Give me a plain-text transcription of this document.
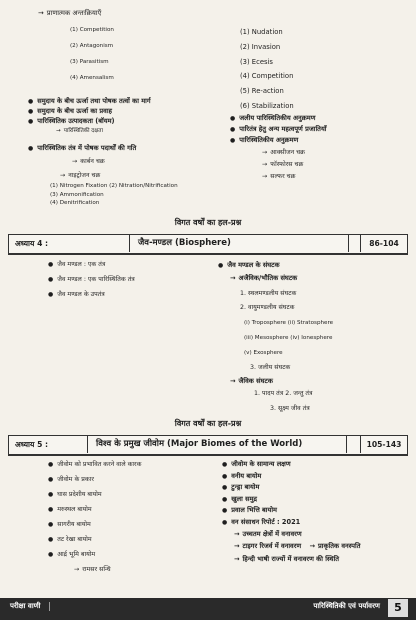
→ प्राणात्मक अन्तःक्रियाएँ
(1) Competition
(2) Antagonism
(3) Parasitism
(4) Amensalism
● समुदाय के बीच ऊर्जा तथा पोषक तत्वों का मार्ग
● समुदाय के बीच ऊर्जा का प्रवाह
● पारिस्थितिक उत्पादकता (बॉयम)
→ पारिस्थितिकी दक्षता
● पारिस्थितिक तंत्र में पोषक पदार्थों की गति
→ कार्बन चक्र
→ नाइट्रोजन चक्र
(1) Nitrogen Fixation (2) Nitration/Nitrification
(3) Ammonification
(4) Denitrification
(1) Nudation
(2) Invasion
(3) Ecesis
(4) Competition
(5) Re-action
(6) Stabilization
● जलीय पारिस्थितिकीय अनुक्रमण
● पारितंत्र हेतु अन्य महत्वपूर्ण प्रजातियाँ
● पारिस्थितिकीय अनुक्रमण
→ आक्सीजन चक्र
→ फॉस्फोरस चक्र
→ सल्फर चक्र
विगत वर्षों का हल-प्रश्न
अध्याय 4 :	जैव-मण्डल (Biosphere)	86-104
● जैव मण्डल : एक तंत्र
● जैव मण्डल : एक पारिस्थितिक तंत्र
● जैव मण्डल के उपतंत्र
● जैव मण्डल के संघटक
→ अजैविक/भौतिक संघटक
1. स्थलमण्डलीय संघटक
2. वायुमण्डलीय संघटक
(i) Troposphere (ii) Stratosphere
(iii) Mesosphere (iv) Ionesphere
(v) Exosphere
3. जलीय संघटक
→ जैविक संघटक
1. पादप तंत्र 2. जन्तु तंत्र
3. सूक्ष्म जीव तंत्र
विगत वर्षों का हल-प्रश्न
अध्याय 5 :	विश्व के प्रमुख जीवोम (Major Biomes of the World)	105-143
● जीवोम को प्रभावित करने वाले कारक
● जीवोम के प्रकार
● घास प्रदेशीय बायोम
● मरुस्थल बायोम
● सागरीय बायोम
● तट रेखा बायोम
● आर्द्र भूमि बायोम
→ रामसर सन्धि
● जीवोम के सामान्य लक्षण
● वनीय बायोम
● टुन्ड्रा बायोम
● खुला समुद्र
● प्रवाल भित्ति बायोम
● वन संसाधन रिपोर्ट : 2021
→ उच्चतम क्षेत्रों में वनावरण
→ टाइगर रिजर्व में वनावरण →	प्राकृतिक वनस्पति
→ हिन्दी भाषी राज्यों में वनावरण की स्थिति
परीक्षा वाणी	पारिस्थितिकी एवं पर्यावरण	5
